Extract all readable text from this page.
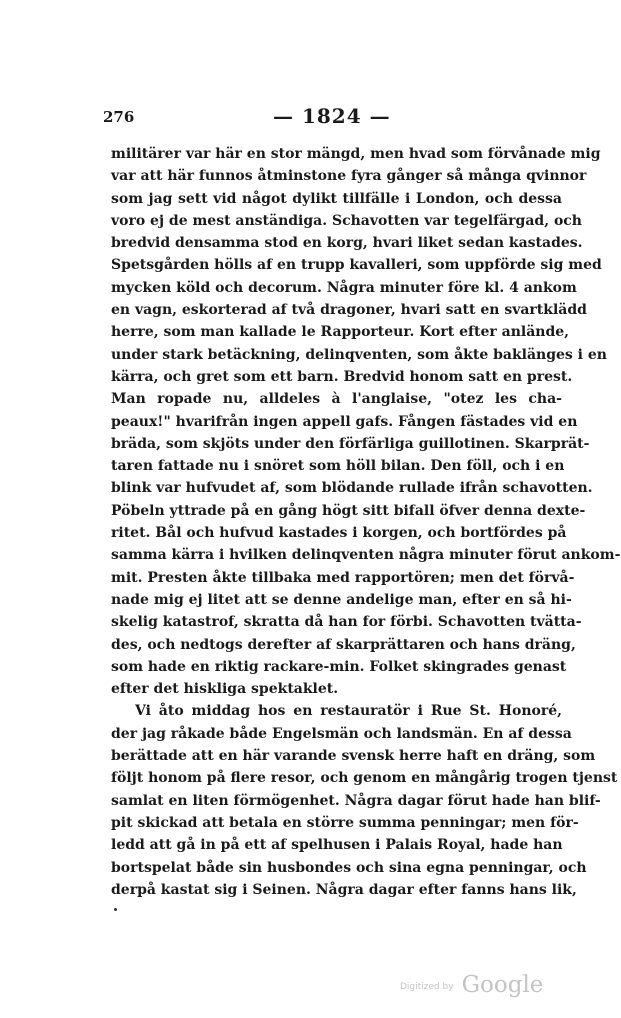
276	— 1824 —
militärer var här en stor mängd, men hvad som förvånade mig
var att här funnos åtminstone fyra gånger så många qvinnor
som jag sett vid något dylikt tillfälle i London, och dessa
voro ej de mest anständiga. Schavotten var tegelfärgad, och
bredvid densamma stod en korg, hvari liket sedan kastades.
Spetsgården hölls af en trupp kavalleri, som uppförde sig med
mycken köld och decorum. Några minuter före kl. 4 ankom
en vagn, eskorterad af två dragoner, hvari satt en svartklädd
herre, som man kallade le Rapporteur. Kort efter anlände,
under stark betäckning, delinqventen, som åkte baklänges i en
kärra, och gret som ett barn. Bredvid honom satt en prest.
Man ropade nu, alldeles à l'anglaise, "otez les cha-
peaux!" hvarifrån ingen appell gafs. Fången fästades vid en
bräda, som skjöts under den förfärliga guillotinen. Skarprät-
taren fattade nu i snöret som höll bilan. Den föll, och i en
blink var hufvudet af, som blödande rullade ifrån schavotten.
Pöbeln yttrade på en gång högt sitt bifall öfver denna dexte-
ritet. Bål och hufvud kastades i korgen, och bortfördes på
samma kärra i hvilken delinqventen några minuter förut ankom-
mit. Presten åkte tillbaka med rapportören; men det förvå-
nade mig ej litet att se denne andelige man, efter en så hi-
skelig katastrof, skratta då han for förbi. Schavotten tvätta-
des, och nedtogs derefter af skarprättaren och hans dräng,
som hade en riktig rackare-min. Folket skingrades genast
efter det hiskliga spektaklet.
Vi åto middag hos en restauratör i Rue St. Honoré,
der jag råkade både Engelsmän och landsmän. En af dessa
berättade att en här varande svensk herre haft en dräng, som
följt honom på flere resor, och genom en mångårig trogen tjenst
samlat en liten förmögenhet. Några dagar förut hade han blif-
pit skickad att betala en större summa penningar; men för-
ledd att gå in på ett af spelhusen i Palais Royal, hade han
bortspelat både sin husbondes och sina egna penningar, och
derpå kastat sig i Seinen. Några dagar efter fanns hans lik,
Digitized by Google
